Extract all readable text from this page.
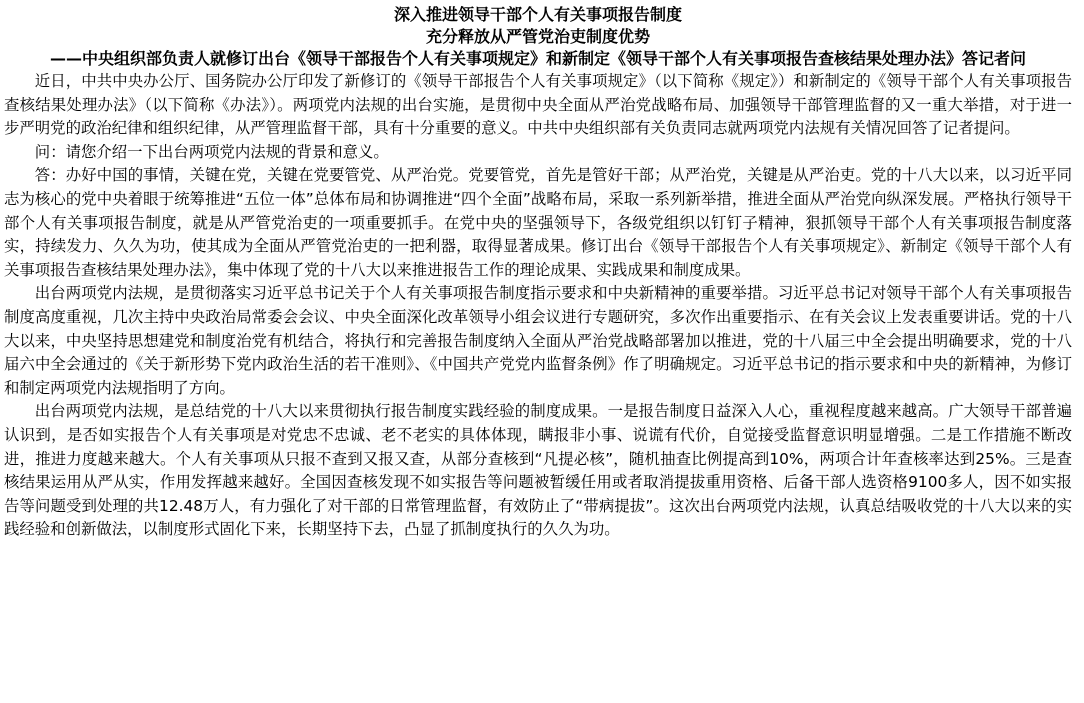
深入推进领导干部个人有关事项报告制度

充分释放从严管党治吏制度优势

——中央组织部负责人就修订出台《领导干部报告个人有关事项规定》和新制定《领导干部个人有关事项报告查核结果处理办法》答记者问

近日，中共中央办公厅、国务院办公厅印发了新修订的《领导干部报告个人有关事项规定》（以下简称《规定》）和新制定的《领导干部个人有关事项报告查核结果处理办法》（以下简称《办法》）。两项党内法规的出台实施，是贯彻中央全面从严治党战略布局、加强领导干部管理监督的又一重大举措，对于进一步严明党的政治纪律和组织纪律，从严管理监督干部，具有十分重要的意义。中共中央组织部有关负责同志就两项党内法规有关情况回答了记者提问。

问：请您介绍一下出台两项党内法规的背景和意义。

答：办好中国的事情，关键在党，关键在党要管党、从严治党。党要管党，首先是管好干部；从严治党，关键是从严治吏。党的十八大以来，以习近平同志为核心的党中央着眼于统筹推进“五位一体”总体布局和协调推进“四个全面”战略布局，采取一系列新举措，推进全面从严治党向纵深发展。严格执行领导干部个人有关事项报告制度，就是从严管党治吏的一项重要抓手。在党中央的坚强领导下，各级党组织以钉钉子精神，狠抓领导干部个人有关事项报告制度落实，持续发力、久久为功，使其成为全面从严管党治吏的一把利器，取得显著成果。修订出台《领导干部报告个人有关事项规定》、新制定《领导干部个人有关事项报告查核结果处理办法》，集中体现了党的十八大以来推进报告工作的理论成果、实践成果和制度成果。

出台两项党内法规，是贯彻落实习近平总书记关于个人有关事项报告制度指示要求和中央新精神的重要举措。习近平总书记对领导干部个人有关事项报告制度高度重视，几次主持中央政治局常委会会议、中央全面深化改革领导小组会议进行专题研究，多次作出重要指示、在有关会议上发表重要讲话。党的十八大以来，中央坚持思想建党和制度治党有机结合，将执行和完善报告制度纳入全面从严治党战略部署加以推进，党的十八届三中全会提出明确要求，党的十八届六中全会通过的《关于新形势下党内政治生活的若干准则》、《中国共产党党内监督条例》作了明确规定。习近平总书记的指示要求和中央的新精神，为修订和制定两项党内法规指明了方向。

出台两项党内法规，是总结党的十八大以来贯彻执行报告制度实践经验的制度成果。一是报告制度日益深入人心，重视程度越来越高。广大领导干部普遍认识到，是否如实报告个人有关事项是对党忠不忠诚、老不老实的具体体现，瞒报非小事、说谎有代价，自觉接受监督意识明显增强。二是工作措施不断改进，推进力度越来越大。个人有关事项从只报不查到又报又查，从部分查核到“凡提必核”，随机抽查比例提高到10%，两项合计年查核率达到25%。三是查核结果运用从严从实，作用发挥越来越好。全国因查核发现不如实报告等问题被暂缓任用或者取消提拔重用资格、后备干部人选资格9100多人，因不如实报告等问题受到处理的共12.48万人，有力强化了对干部的日常管理监督，有效防止了“带病提拔”。这次出台两项党内法规，认真总结吸收党的十八大以来的实践经验和创新做法，以制度形式固化下来，长期坚持下去，凸显了抓制度执行的久久为功。
